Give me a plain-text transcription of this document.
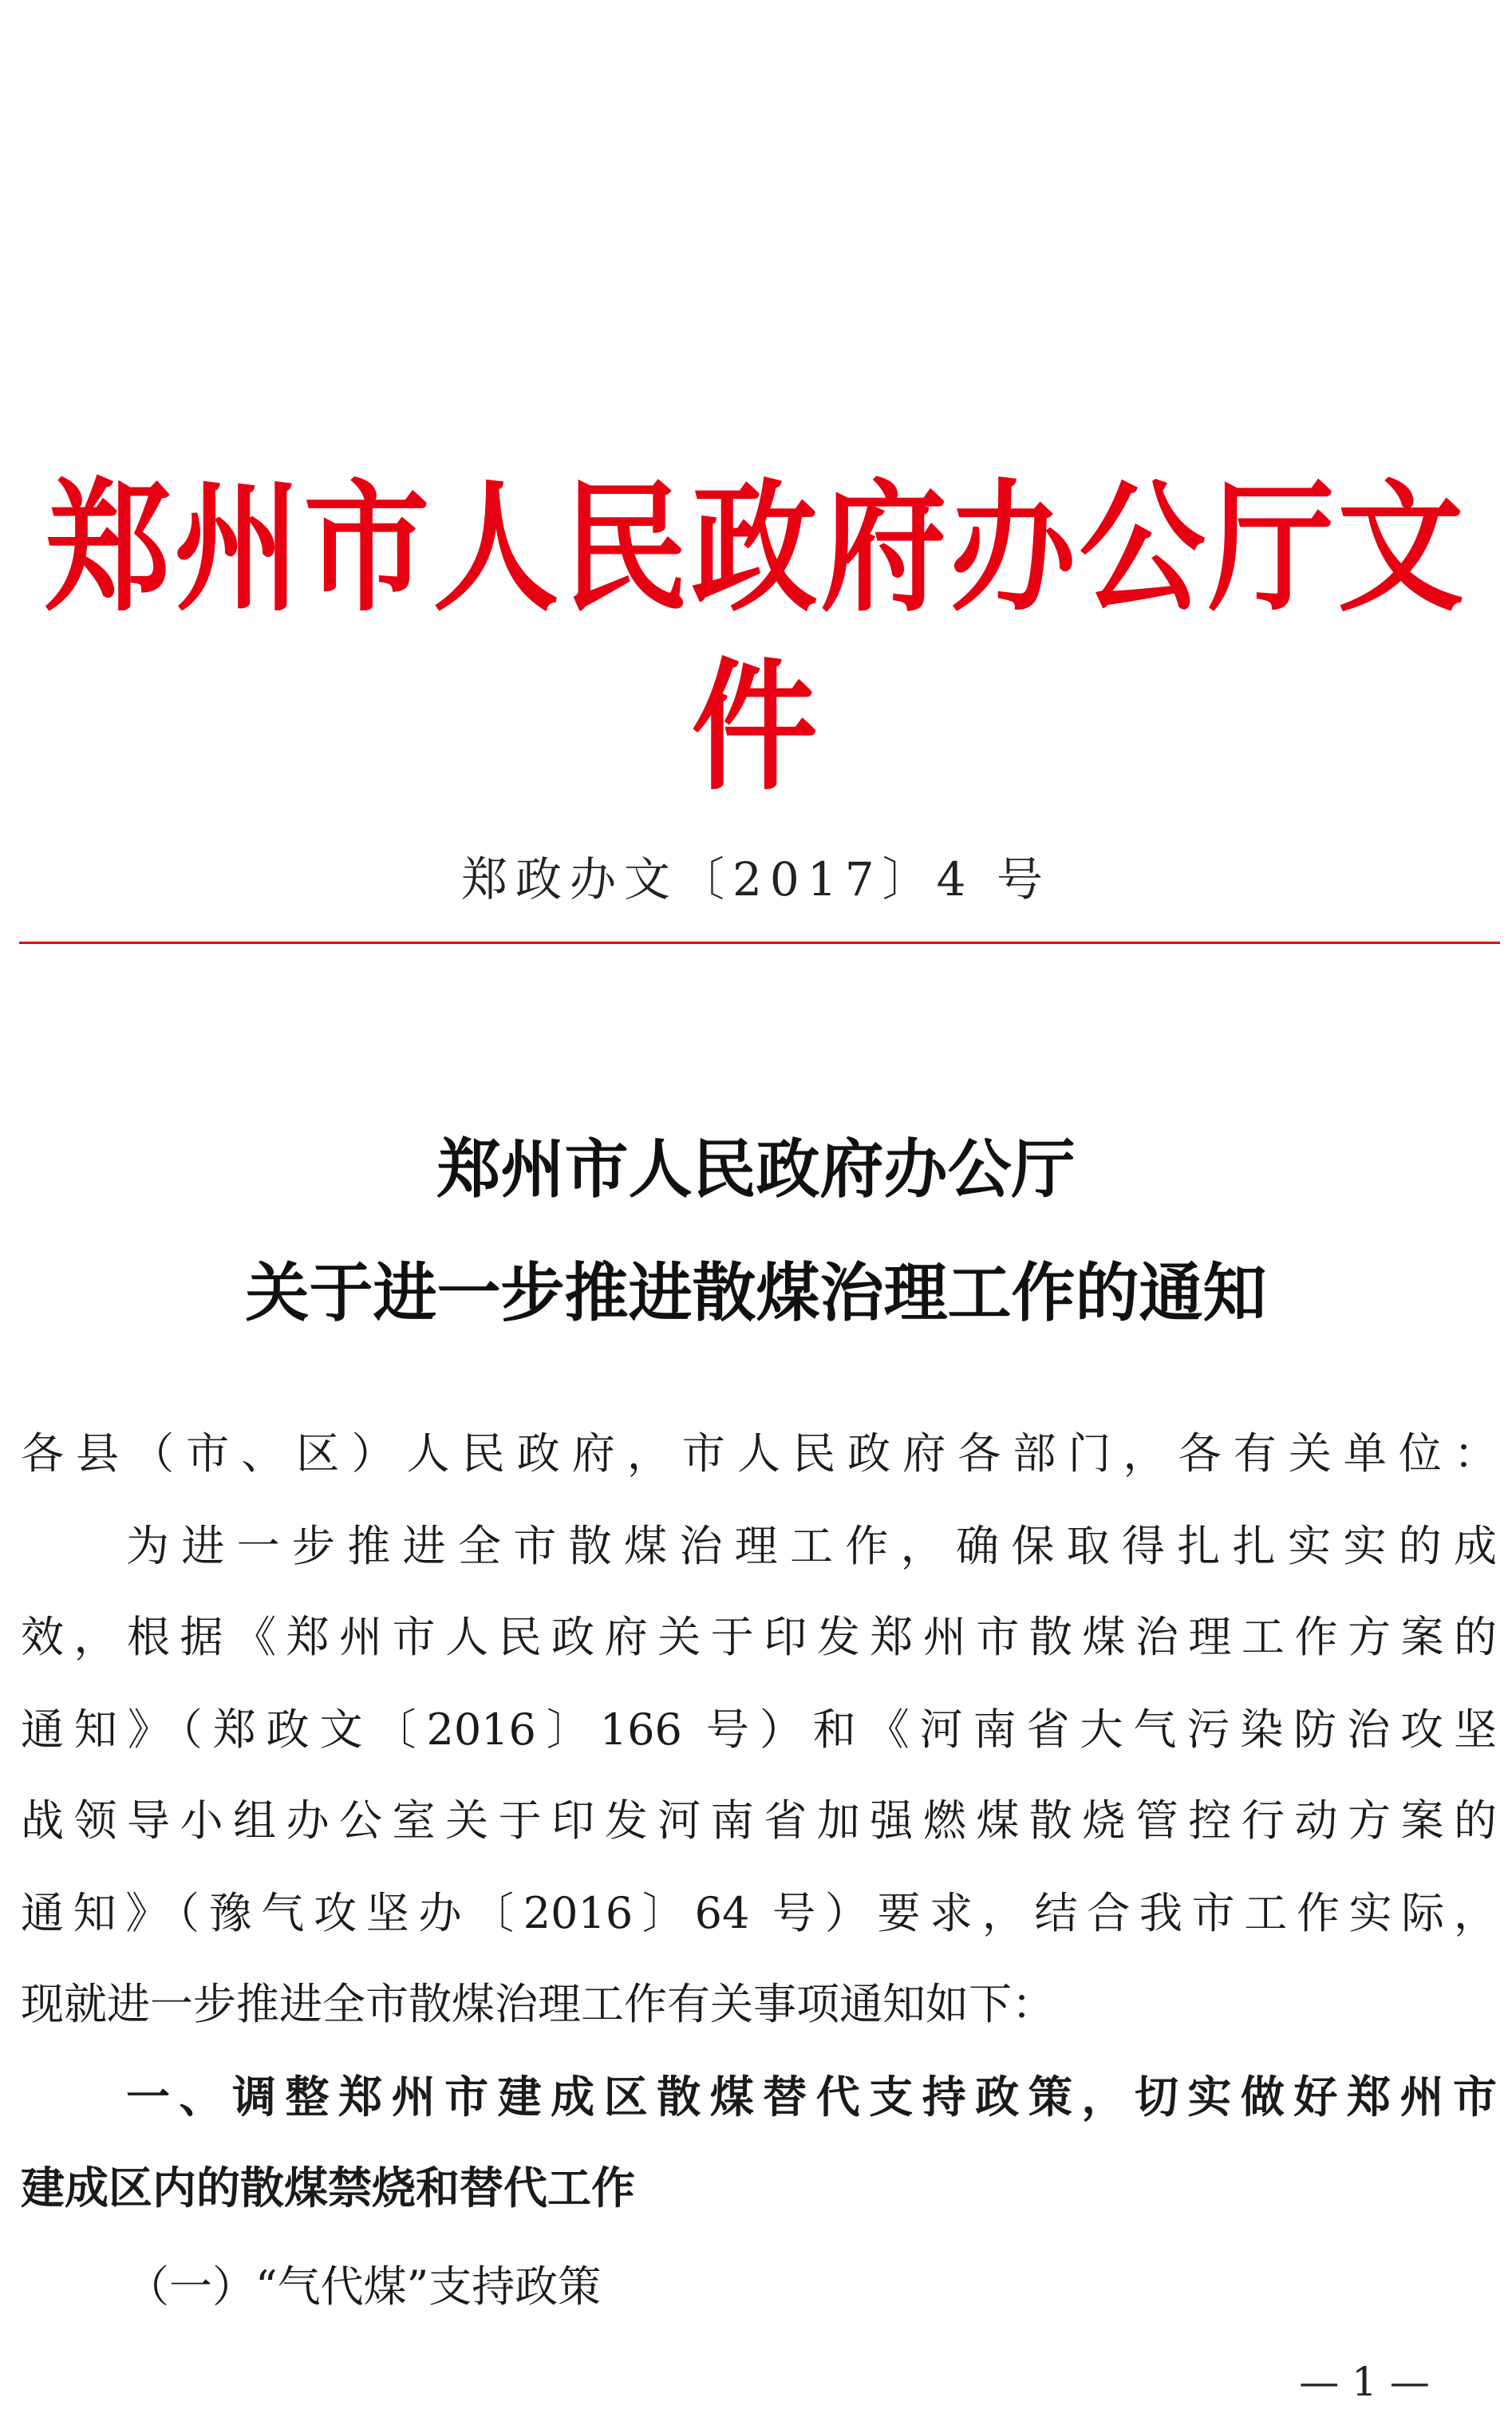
郑州市人民政府办公厅文件
郑政办文〔2017〕4 号
郑州市人民政府办公厅
关于进一步推进散煤治理工作的通知
各县（市、区）人民政府，市人民政府各部门，各有关单位：
为进一步推进全市散煤治理工作，确保取得扎扎实实的成
效，根据《郑州市人民政府关于印发郑州市散煤治理工作方案的
通知》（郑政文〔2016〕166 号）和《河南省大气污染防治攻坚
战领导小组办公室关于印发河南省加强燃煤散烧管控行动方案的
通知》（豫气攻坚办〔2016〕64 号）要求，结合我市工作实际，
现就进一步推进全市散煤治理工作有关事项通知如下：
一、调整郑州市建成区散煤替代支持政策，切实做好郑州市
建成区内的散煤禁烧和替代工作
（一）“气代煤”支持政策
— 1 —
